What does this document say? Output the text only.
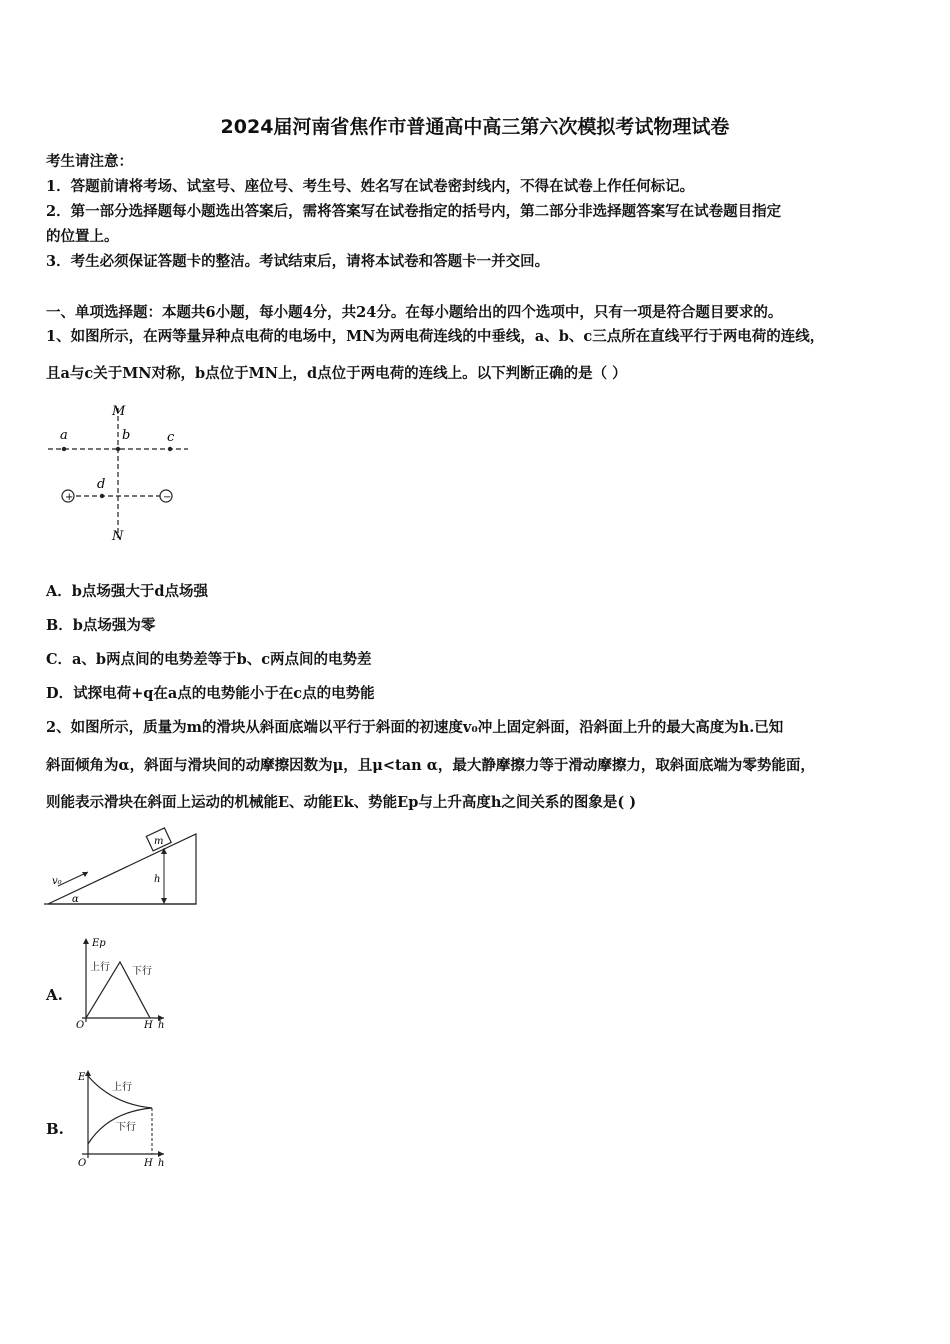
2024届河南省焦作市普通高中高三第六次模拟考试物理试卷
考生请注意：
1．答题前请将考场、试室号、座位号、考生号、姓名写在试卷密封线内，不得在试卷上作任何标记。
2．第一部分选择题每小题选出答案后，需将答案写在试卷指定的括号内，第二部分非选择题答案写在试卷题目指定
的位置上。
3．考生必须保证答题卡的整洁。考试结束后，请将本试卷和答题卡一并交回。
一、单项选择题：本题共6小题，每小题4分，共24分。在每小题给出的四个选项中，只有一项是符合题目要求的。
1、如图所示，在两等量异种点电荷的电场中，MN为两电荷连线的中垂线，a、b、c三点所在直线平行于两电荷的连线，
且a与c关于MN对称，b点位于MN上，d点位于两电荷的连线上。以下判断正确的是（ ）
+	−
M
N
a	b	c
d
A．b点场强大于d点场强
B．b点场强为零
C．a、b两点间的电势差等于b、c两点间的电势差
D．试探电荷+q在a点的电势能小于在c点的电势能
2、如图所示，质量为m的滑块从斜面底端以平行于斜面的初速度v₀冲上固定斜面，沿斜面上升的最大高度为h.已知
斜面倾角为α，斜面与滑块间的动摩擦因数为μ，且μ<tan α，最大静摩擦力等于滑动摩擦力，取斜面底端为零势能面，
则能表示滑块在斜面上运动的机械能E、动能Ek、势能Ep与上升高度h之间关系的图象是( )
m
v₀	h
α
A.
Ep
上行 下行
O	H h
B.
E
上行
下行
O	H h
